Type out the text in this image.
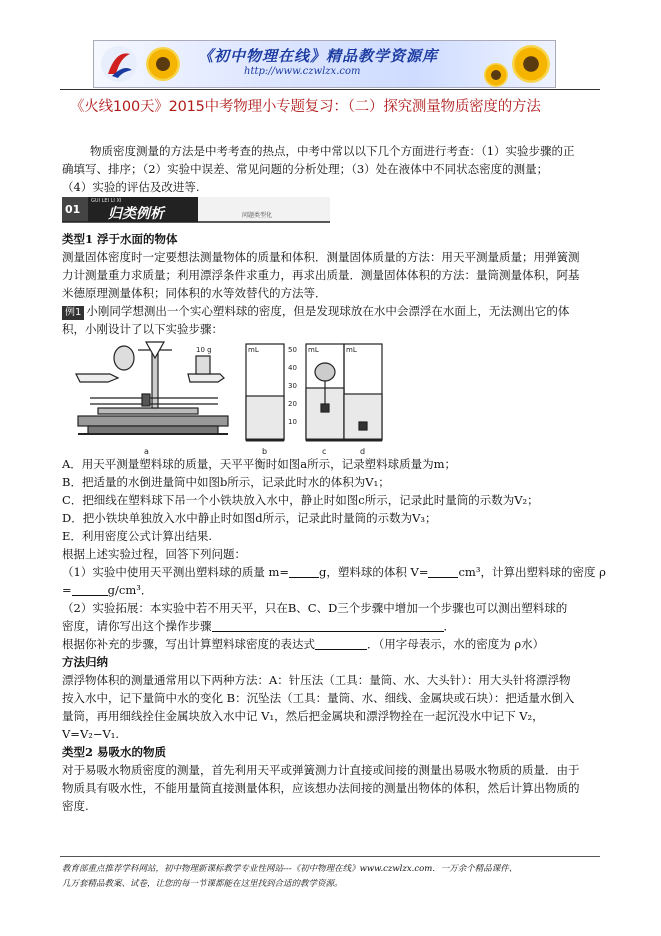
《初中物理在线》精品教学资源库
http://www.czwlzx.com
《火线100天》2015中考物理小专题复习：（二）探究测量物质密度的方法
物质密度测量的方法是中考考查的热点，中考中常以以下几个方面进行考查：（1）实验步骤的正
确填写、排序；（2）实验中误差、常见问题的分析处理；（3）处在液体中不同状态密度的测量；
（4）实验的评估及改进等.
01
GUI LEI LI XI
归类例析	问题类型化
类型1 浮于水面的物体
测量固体密度时一定要想法测量物体的质量和体积．测量固体质量的方法：用天平测量质量；用弹簧测
力计测量重力求质量；利用漂浮条件求重力，再求出质量．测量固体体积的方法：量筒测量体积，阿基
米德原理测量体积；同体积的水等效替代的方法等．
例1 小刚同学想测出一个实心塑料球的密度，但是发现球放在水中会漂浮在水面上，无法测出它的体
积，小刚设计了以下实验步骤：
10 g	mL	mL	mL
50
40
30
20
10
a	b	c	d
A．用天平测量塑料球的质量，天平平衡时如图a所示，记录塑料球质量为m；
B．把适量的水倒进量筒中如图b所示，记录此时水的体积为V₁；
C．把细线在塑料球下吊一个小铁块放入水中，静止时如图c所示，记录此时量筒的示数为V₂；
D．把小铁块单独放入水中静止时如图d所示，记录此时量筒的示数为V₃；
E．利用密度公式计算出结果.
根据上述实验过程，回答下列问题：
（1）实验中使用天平测出塑料球的质量 m=	g，塑料球的体积 V=	cm³，计算出塑料球的密度 ρ
=	g/cm³．
（2）实验拓展：本实验中若不用天平，只在B、C、D三个步骤中增加一个步骤也可以测出塑料球的
密度，请你写出这个操作步骤	．
根据你补充的步骤，写出计算塑料球密度的表达式	．（用字母表示，水的密度为 ρ水）
方法归纳
漂浮物体积的测量通常用以下两种方法：A：针压法（工具：量筒、水、大头针）：用大头针将漂浮物
按入水中，记下量筒中水的变化 B：沉坠法（工具：量筒、水、细线、金属块或石块）：把适量水倒入
量筒，再用细线拴住金属块放入水中记 V₁，然后把金属块和漂浮物拴在一起沉没水中记下 V₂，
V=V₂−V₁.
类型2 易吸水的物质
对于易吸水物质密度的测量，首先利用天平或弹簧测力计直接或间接的测量出易吸水物质的质量．由于
物质具有吸水性，不能用量筒直接测量体积，应该想办法间接的测量出物体的体积，然后计算出物质的
密度.
教育部重点推荐学科网站，初中物理新课标教学专业性网站---《初中物理在线》www.czwlzx.com．一万余个精品课件、
几万套精品教案、试卷，让您的每一节课都能在这里找到合适的教学资源。
